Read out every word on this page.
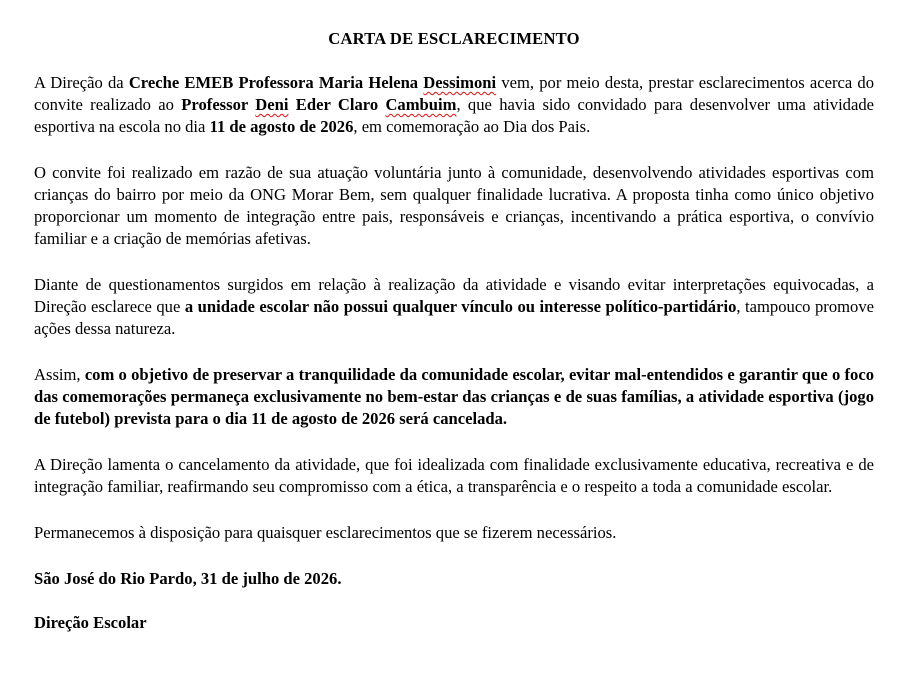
CARTA DE ESCLARECIMENTO

A Direção da Creche EMEB Professora Maria Helena Dessimoni vem, por meio desta, prestar esclarecimentos acerca do convite realizado ao Professor Deni Eder Claro Cambuim, que havia sido convidado para desenvolver uma atividade esportiva na escola no dia 11 de agosto de 2026, em comemoração ao Dia dos Pais.

O convite foi realizado em razão de sua atuação voluntária junto à comunidade, desenvolvendo atividades esportivas com crianças do bairro por meio da ONG Morar Bem, sem qualquer finalidade lucrativa. A proposta tinha como único objetivo proporcionar um momento de integração entre pais, responsáveis e crianças, incentivando a prática esportiva, o convívio familiar e a criação de memórias afetivas.

Diante de questionamentos surgidos em relação à realização da atividade e visando evitar interpretações equivocadas, a Direção esclarece que a unidade escolar não possui qualquer vínculo ou interesse político-partidário, tampouco promove ações dessa natureza.

Assim, com o objetivo de preservar a tranquilidade da comunidade escolar, evitar mal-entendidos e garantir que o foco das comemorações permaneça exclusivamente no bem-estar das crianças e de suas famílias, a atividade esportiva (jogo de futebol) prevista para o dia 11 de agosto de 2026 será cancelada.

A Direção lamenta o cancelamento da atividade, que foi idealizada com finalidade exclusivamente educativa, recreativa e de integração familiar, reafirmando seu compromisso com a ética, a transparência e o respeito a toda a comunidade escolar.

Permanecemos à disposição para quaisquer esclarecimentos que se fizerem necessários.

São José do Rio Pardo, 31 de julho de 2026.
Direção Escolar
